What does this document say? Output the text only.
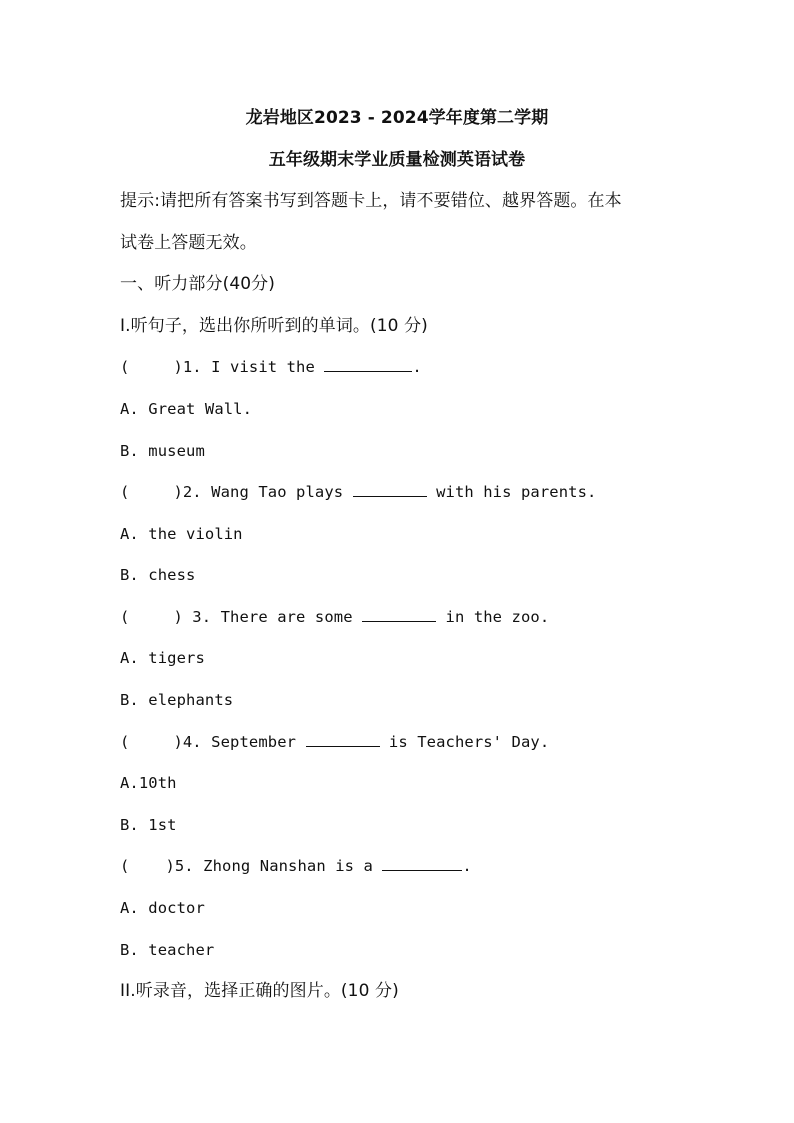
龙岩地区2023 - 2024学年度第二学期
五年级期末学业质量检测英语试卷
提示:请把所有答案书写到答题卡上，请不要错位、越界答题。在本
试卷上答题无效。
一、听力部分(40分)
I.听句子，选出你所听到的单词。(10 分)
(	)1. I visit the	.
A. Great Wall.
B. museum
(	)2. Wang Tao plays	with his parents.
A. the violin
B. chess
(	) 3. There are some	in the zoo.
A. tigers
B. elephants
(	)4. September	is Teachers' Day.
A.10th
B. 1st
( )5. Zhong Nanshan is a	.
A. doctor
B. teacher
II.听录音，选择正确的图片。(10 分)
